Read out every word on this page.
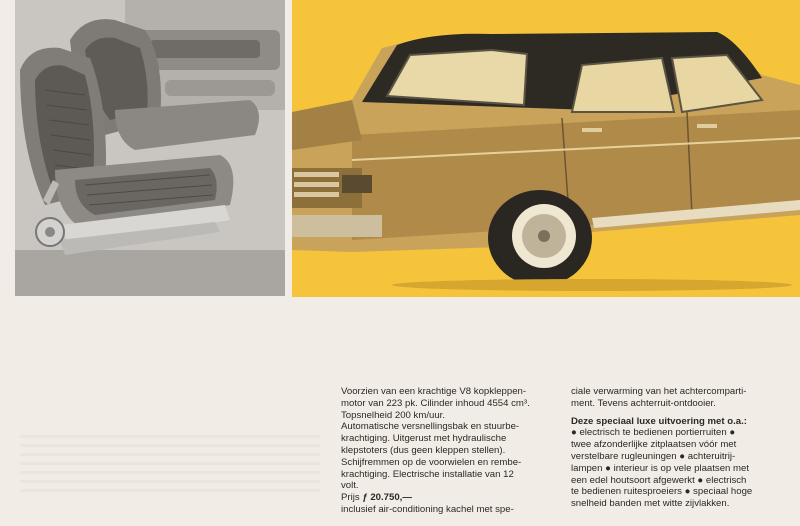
Voorzien van een krachtige V8 kopkleppen-

motor van 223 pk. Cilinder inhoud 4554 cm³.

Topsnelheid 200 km/uur.

Automatische versnellingsbak en stuurbe-

krachtiging. Uitgerust met hydraulische

klepstoters (dus geen kleppen stellen).

Schijfremmen op de voorwielen en rembe-

krachtiging. Electrische installatie van 12

volt.

Prijs ƒ 20.750,—

inclusief air-conditioning kachel met spe-

ciale verwarming van het achtercomparti-

ment. Tevens achterruit-ontdooier.

Deze speciaal luxe uitvoering met o.a.:

● electrisch te bedienen portierruiten ●

twee afzonderlijke zitplaatsen vóór met

verstelbare rugleuningen ● achteruitrij-

lampen ● interieur is op vele plaatsen met

een edel houtsoort afgewerkt ● electrisch

te bedienen ruitesproeiers ● speciaal hoge

snelheid banden met witte zijvlakken.
